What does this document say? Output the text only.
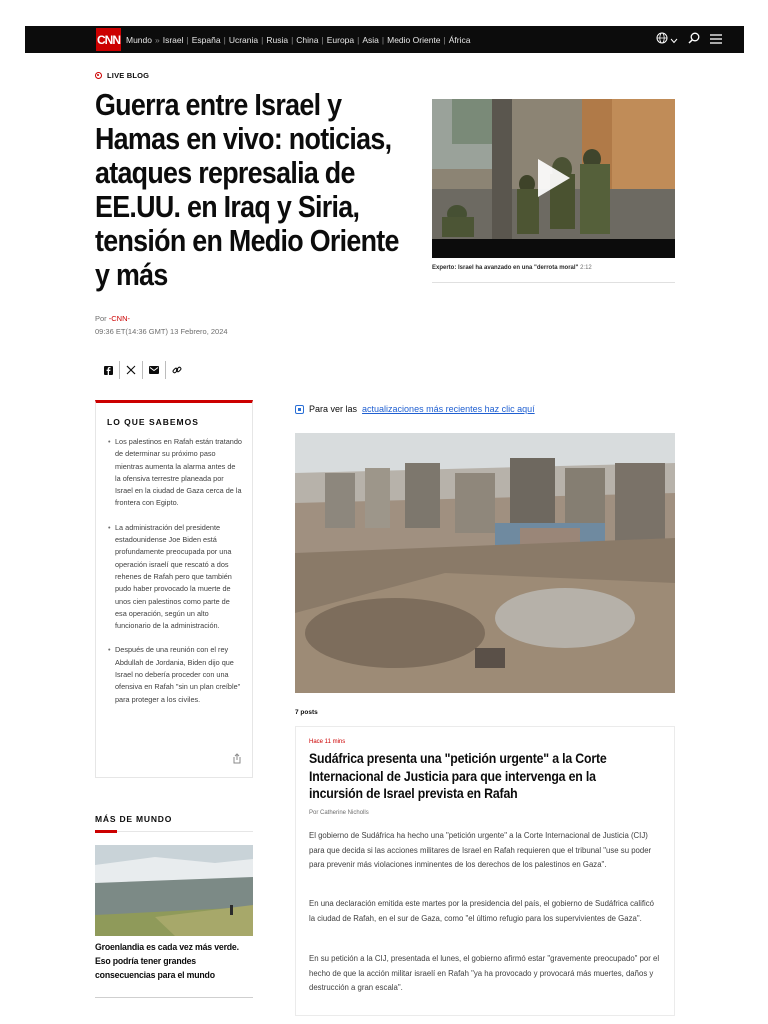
CNN Mundo » Israel | España | Ucrania | Rusia | China | Europa | Asia | Medio Oriente | África
LIVE BLOG
Guerra entre Israel y Hamas en vivo: noticias, ataques represalia de EE.UU. en Iraq y Siria, tensión en Medio Oriente y más
Por -CNN-
09:36 ET(14:36 GMT) 13 Febrero, 2024
Experto: Israel ha avanzado en una "derrota moral" 2:12
LO QUE SABEMOS
• Los palestinos en Rafah están tratando de determinar su próximo paso mientras aumenta la alarma antes de la ofensiva terrestre planeada por Israel en la ciudad de Gaza cerca de la frontera con Egipto.
• La administración del presidente estadounidense Joe Biden está profundamente preocupada por una operación israelí que rescató a dos rehenes de Rafah pero que también pudo haber provocado la muerte de unos cien palestinos como parte de esa operación, según un alto funcionario de la administración.
• Después de una reunión con el rey Abdullah de Jordania, Biden dijo que Israel no debería proceder con una ofensiva en Rafah "sin un plan creíble" para proteger a los civiles.
MÁS DE MUNDO
Groenlandia es cada vez más verde. Eso podría tener grandes consecuencias para el mundo
Para ver las actualizaciones más recientes haz clic aquí
7 posts
Hace 11 mins
Sudáfrica presenta una "petición urgente" a la Corte Internacional de Justicia para que intervenga en la incursión de Israel prevista en Rafah
Por Catherine Nicholls

El gobierno de Sudáfrica ha hecho una "petición urgente" a la Corte Internacional de Justicia (CIJ) para que decida si las acciones militares de Israel en Rafah requieren que el tribunal "use su poder para prevenir más violaciones inminentes de los derechos de los palestinos en Gaza".

En una declaración emitida este martes por la presidencia del país, el gobierno de Sudáfrica calificó la ciudad de Rafah, en el sur de Gaza, como "el último refugio para los supervivientes de Gaza".

En su petición a la CIJ, presentada el lunes, el gobierno afirmó estar "gravemente preocupado" por el hecho de que la acción militar israelí en Rafah "ya ha provocado y provocará más muertes, daños y destrucción a gran escala".
